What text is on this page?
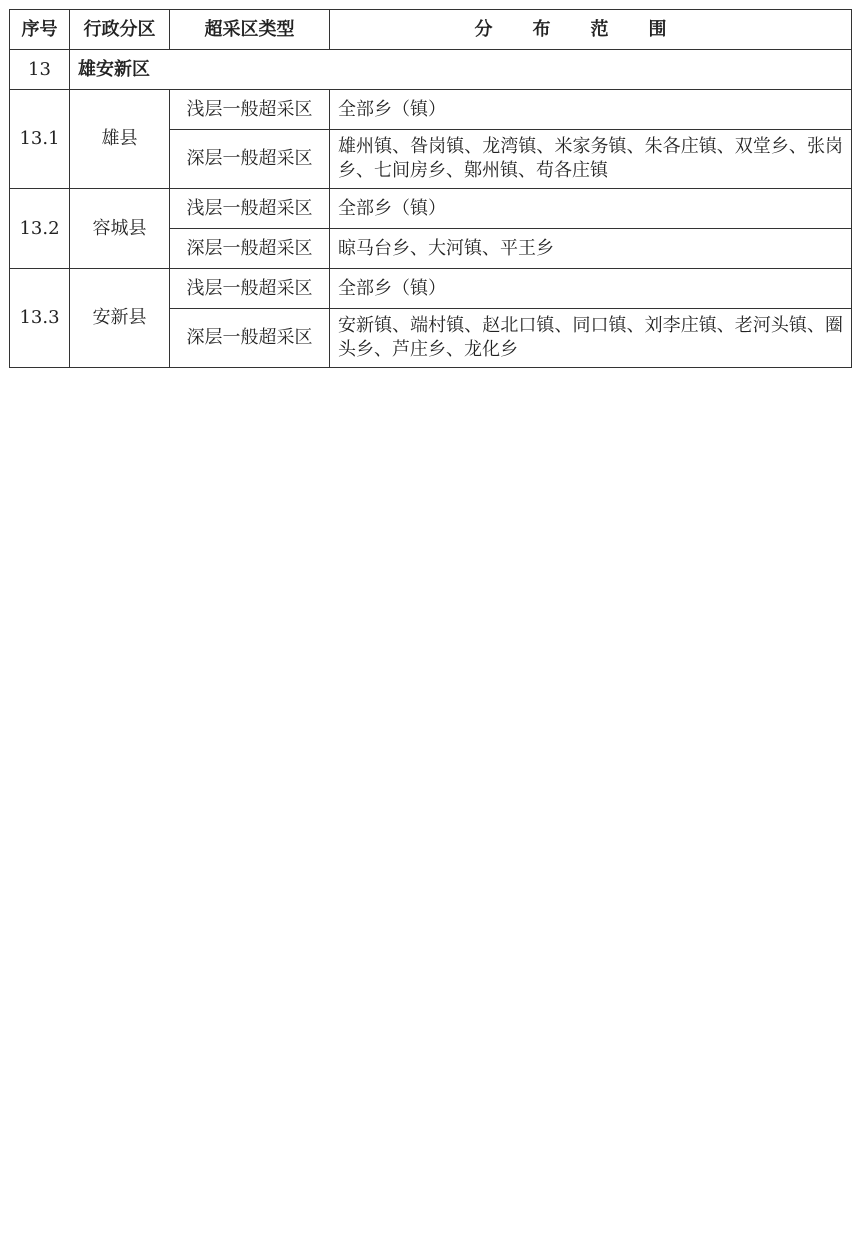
序号	行政分区	超采区类型	分布范围
13	雄安新区		
13.1	雄县	浅层一般超采区	全部乡（镇）
		深层一般超采区	雄州镇、昝岗镇、龙湾镇、米家务镇、朱各庄镇、双堂乡、张岗乡、七间房乡、鄚州镇、苟各庄镇
13.2	容城县	浅层一般超采区	全部乡（镇）
		深层一般超采区	晾马台乡、大河镇、平王乡
13.3	安新县	浅层一般超采区	全部乡（镇）
		深层一般超采区	安新镇、端村镇、赵北口镇、同口镇、刘李庄镇、老河头镇、圈头乡、芦庄乡、龙化乡
